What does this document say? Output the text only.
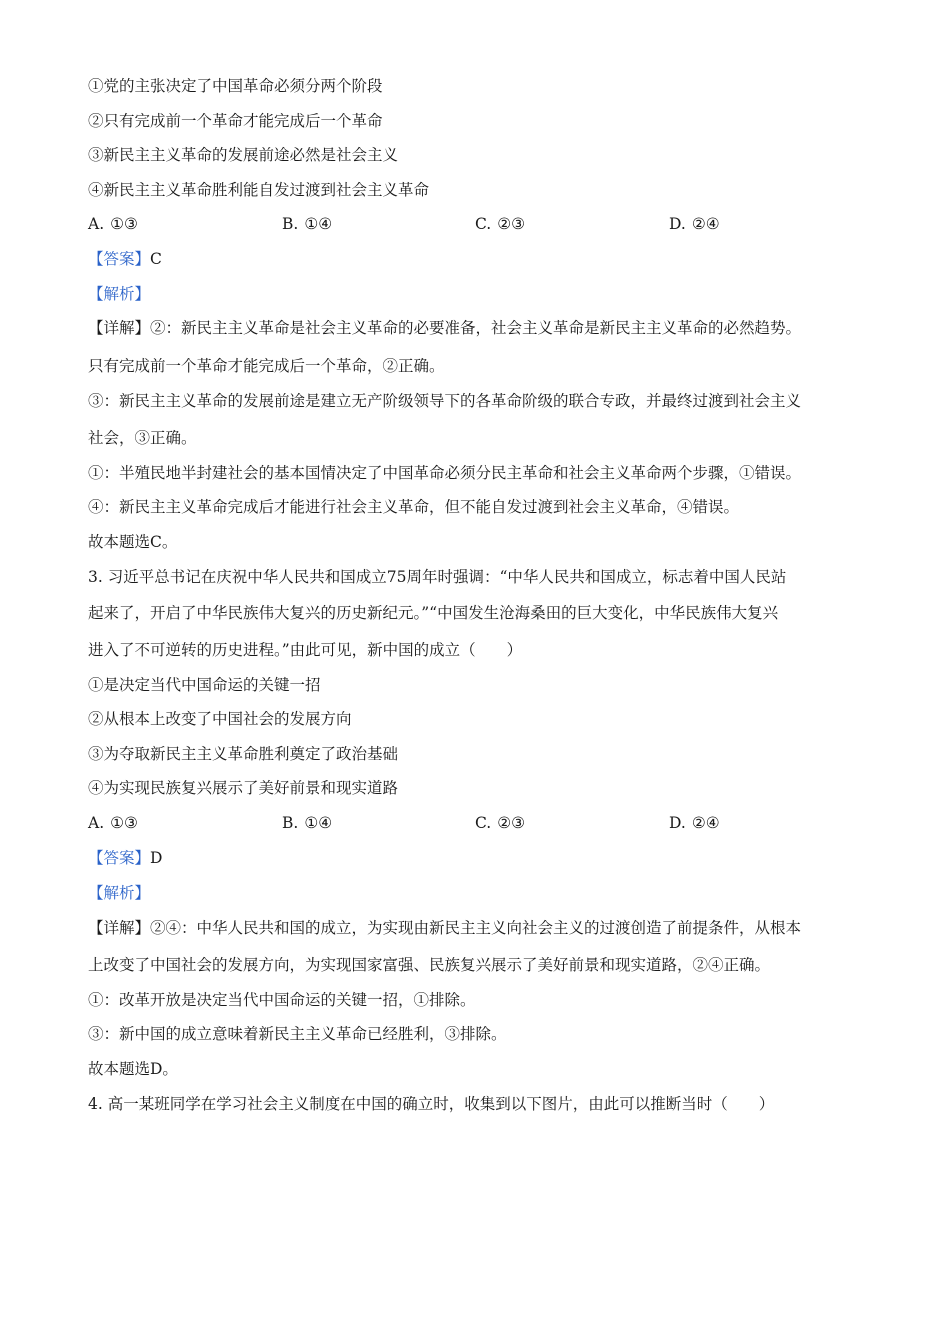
①党的主张决定了中国革命必须分两个阶段
②只有完成前一个革命才能完成后一个革命
③新民主主义革命的发展前途必然是社会主义
④新民主主义革命胜利能自发过渡到社会主义革命
A. ①③	B. ①④	C. ②③	D. ②④
【答案】C
【解析】
【详解】②：新民主主义革命是社会主义革命的必要准备，社会主义革命是新民主主义革命的必然趋势。
只有完成前一个革命才能完成后一个革命，②正确。
③：新民主主义革命的发展前途是建立无产阶级领导下的各革命阶级的联合专政，并最终过渡到社会主义
社会，③正确。
①：半殖民地半封建社会的基本国情决定了中国革命必须分民主革命和社会主义革命两个步骤，①错误。
④：新民主主义革命完成后才能进行社会主义革命，但不能自发过渡到社会主义革命，④错误。
故本题选C。
3. 习近平总书记在庆祝中华人民共和国成立75周年时强调：“中华人民共和国成立，标志着中国人民站
起来了，开启了中华民族伟大复兴的历史新纪元。”“中国发生沧海桑田的巨大变化，中华民族伟大复兴
进入了不可逆转的历史进程。”由此可见，新中国的成立（　　）
①是决定当代中国命运的关键一招
②从根本上改变了中国社会的发展方向
③为夺取新民主主义革命胜利奠定了政治基础
④为实现民族复兴展示了美好前景和现实道路
A. ①③	B. ①④	C. ②③	D. ②④
【答案】D
【解析】
【详解】②④：中华人民共和国的成立，为实现由新民主主义向社会主义的过渡创造了前提条件，从根本
上改变了中国社会的发展方向，为实现国家富强、民族复兴展示了美好前景和现实道路，②④正确。
①：改革开放是决定当代中国命运的关键一招，①排除。
③：新中国的成立意味着新民主主义革命已经胜利，③排除。
故本题选D。
4. 高一某班同学在学习社会主义制度在中国的确立时，收集到以下图片，由此可以推断当时（　　）
